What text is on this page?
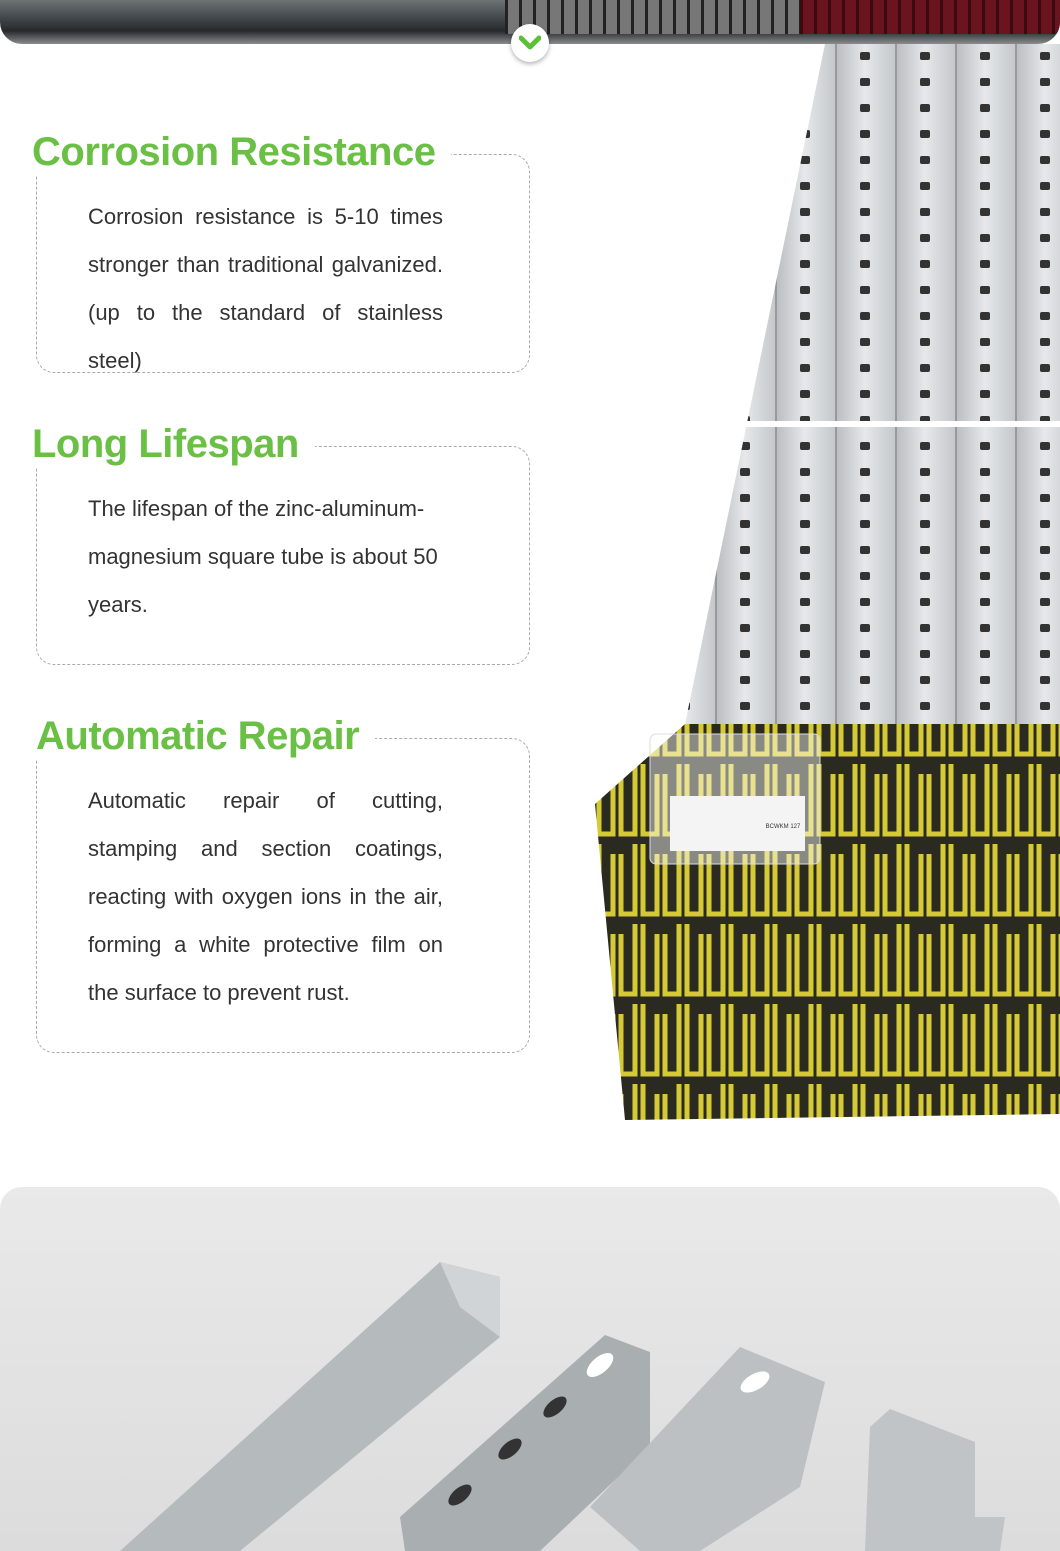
Corrosion Resistance

Corrosion resistance is 5-10 times stronger than traditional galvanized. (up to the standard of stainless steel)

Long Lifespan

The lifespan of the zinc-aluminum-magnesium square tube is about 50 years.

Automatic Repair

Automatic repair of cutting, stamping and section coatings, reacting with oxygen ions in the air, forming a white protective film on the surface to prevent rust.

BCWKM 127
